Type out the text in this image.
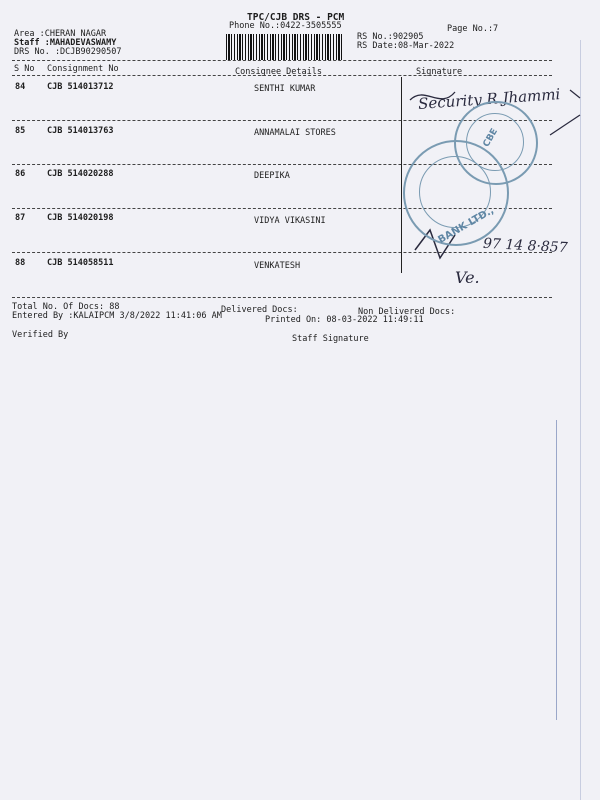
Area :CHERAN NAGAR
Staff :MAHADEVASWAMY
DRS No. :DCJB90290507
TPC/CJB DRS - PCM
Phone No.:0422-3505555	Page No.:7
RS No.:902905
RS Date:08-Mar-2022
S No Consignment No	Consignee Details	Signature
84	CJB 514013712	SENTHI KUMAR
85	CJB 514013763	ANNAMALAI STORES
86	CJB 514020288	DEEPIKA
87	CJB 514020198	VIDYA VIKASINI
88	CJB 514058511	VENKATESH
Security R.Jhammi
97 14 8·857
Ve.
CBE
BANK LTD.,
Total No. Of Docs: 88	Delivered Docs:	Non Delivered Docs:
Entered By :KALAIPCM 3/8/2022 11:41:06 AM	Printed On: 08-03-2022 11:49:11
Verified By	Staff Signature
